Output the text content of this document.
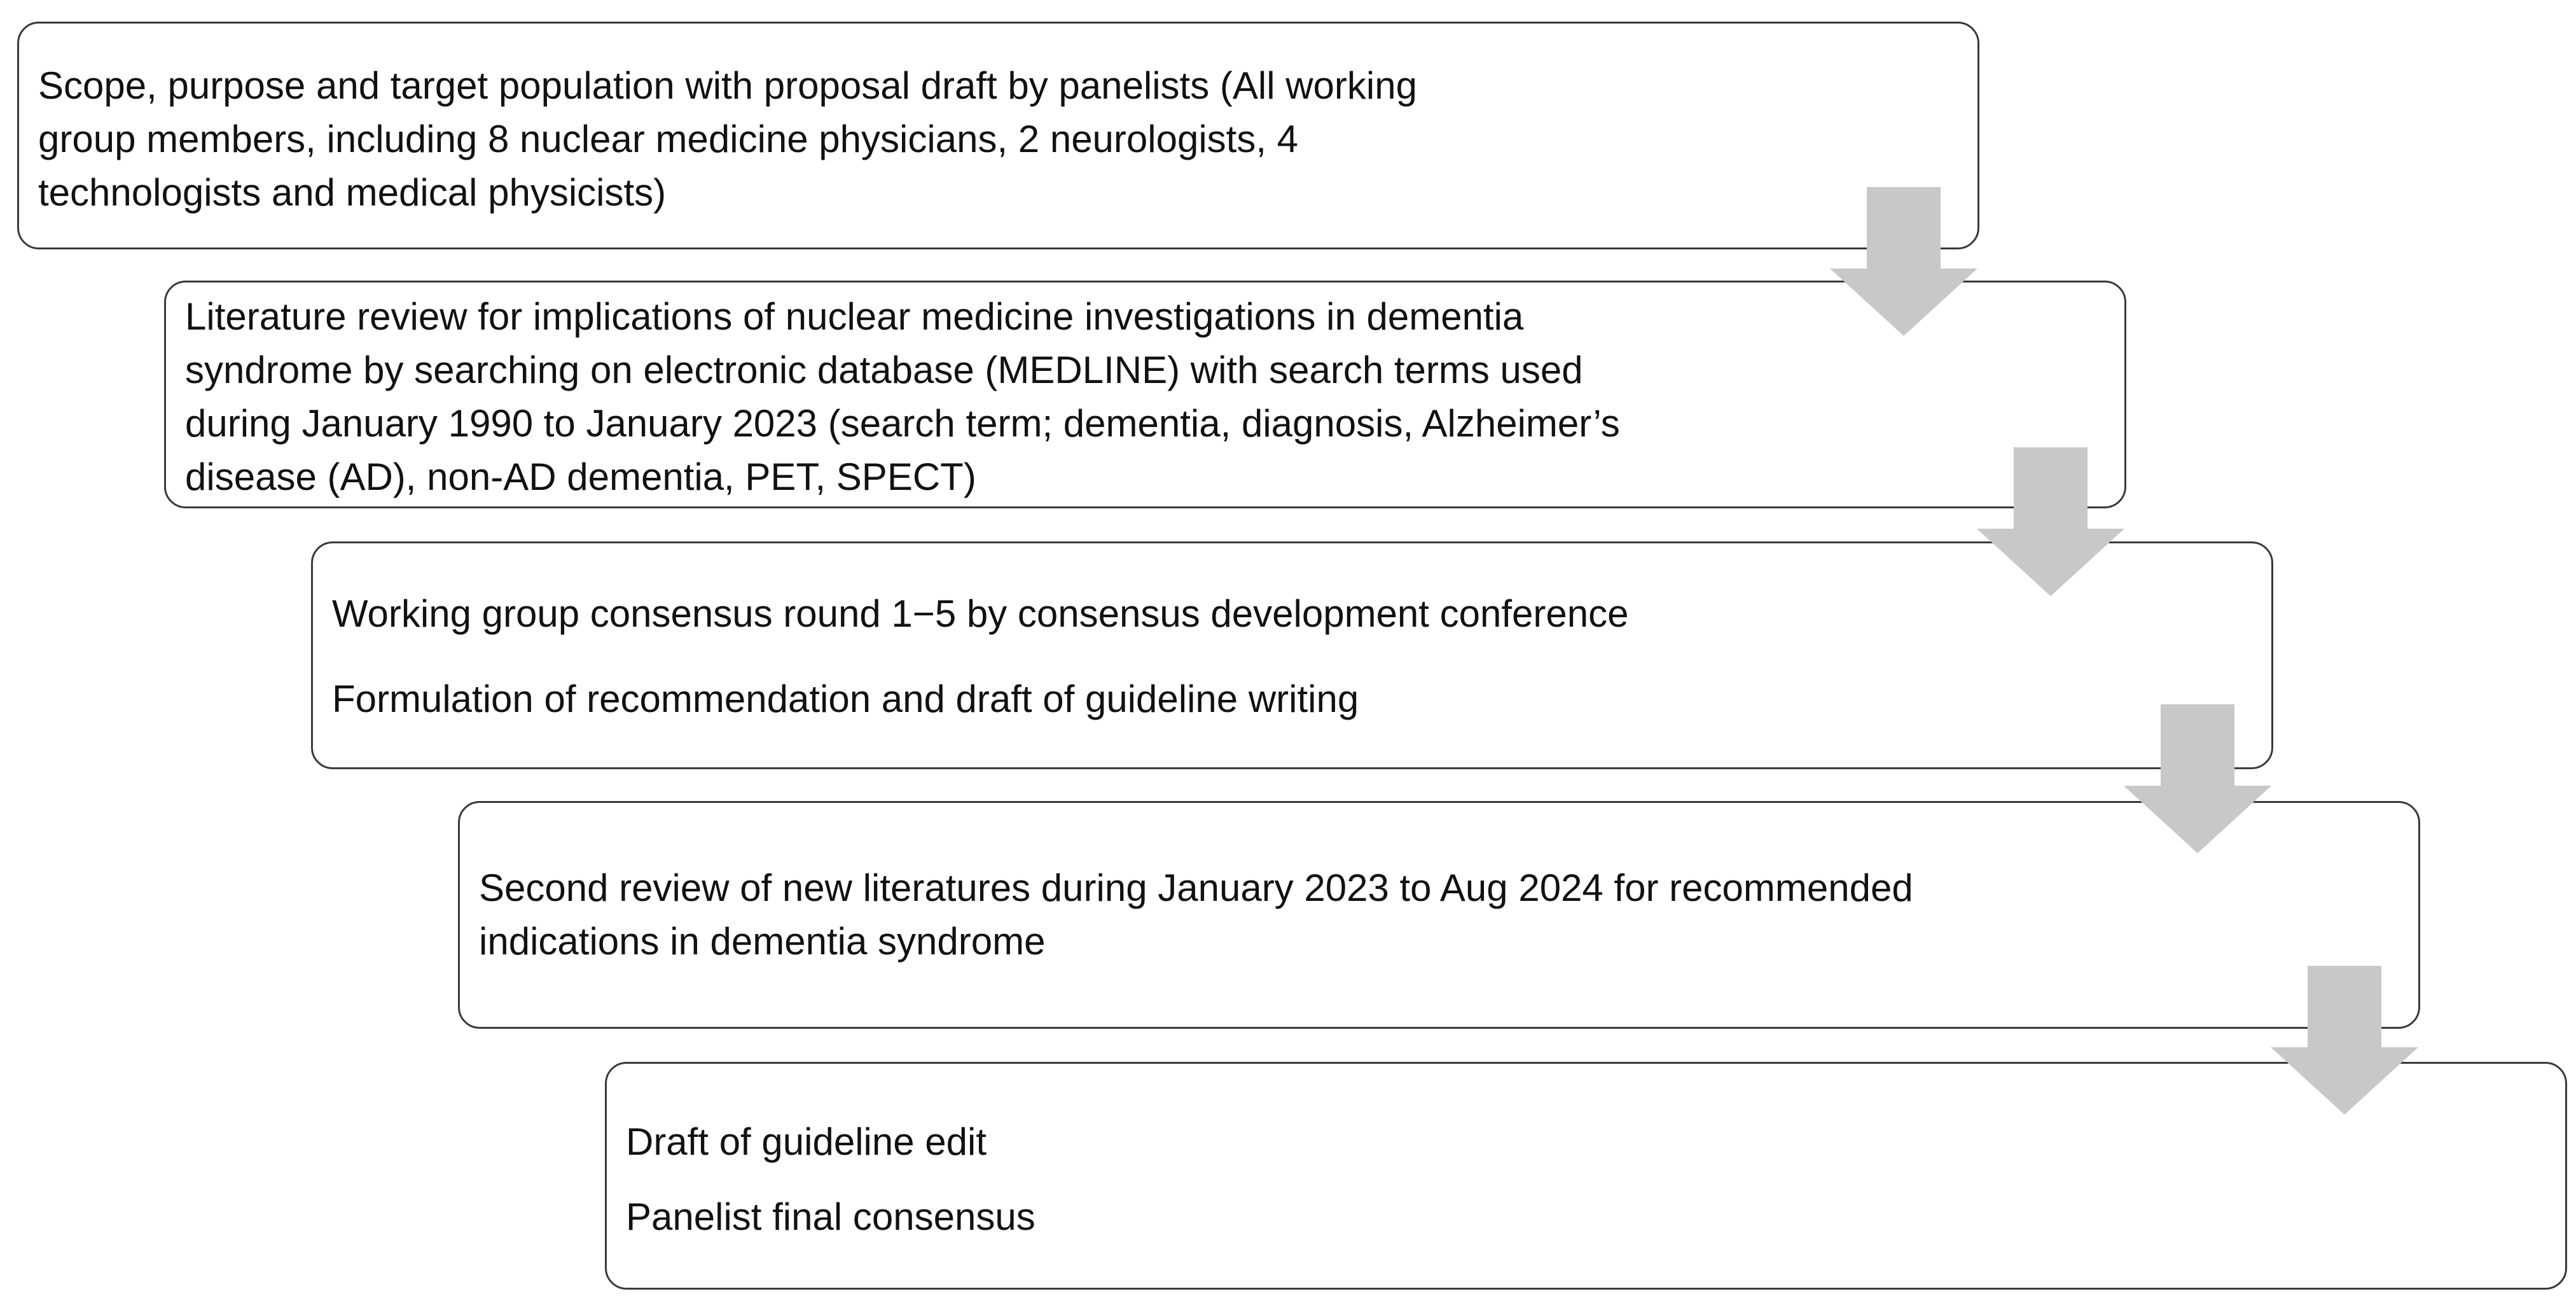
Scope, purpose and target population with proposal draft by panelists (All working
group members, including 8 nuclear medicine physicians, 2 neurologists, 4
technologists and medical physicists)
Literature review for implications of nuclear medicine investigations in dementia
syndrome by searching on electronic database (MEDLINE) with search terms used
during January 1990 to January 2023 (search term; dementia, diagnosis, Alzheimer’s
disease (AD), non-AD dementia, PET, SPECT)
Working group consensus round 1−5 by consensus development conference
Formulation of recommendation and draft of guideline writing
Second review of new literatures during January 2023 to Aug 2024 for recommended
indications in dementia syndrome
Draft of guideline edit
Panelist final consensus
